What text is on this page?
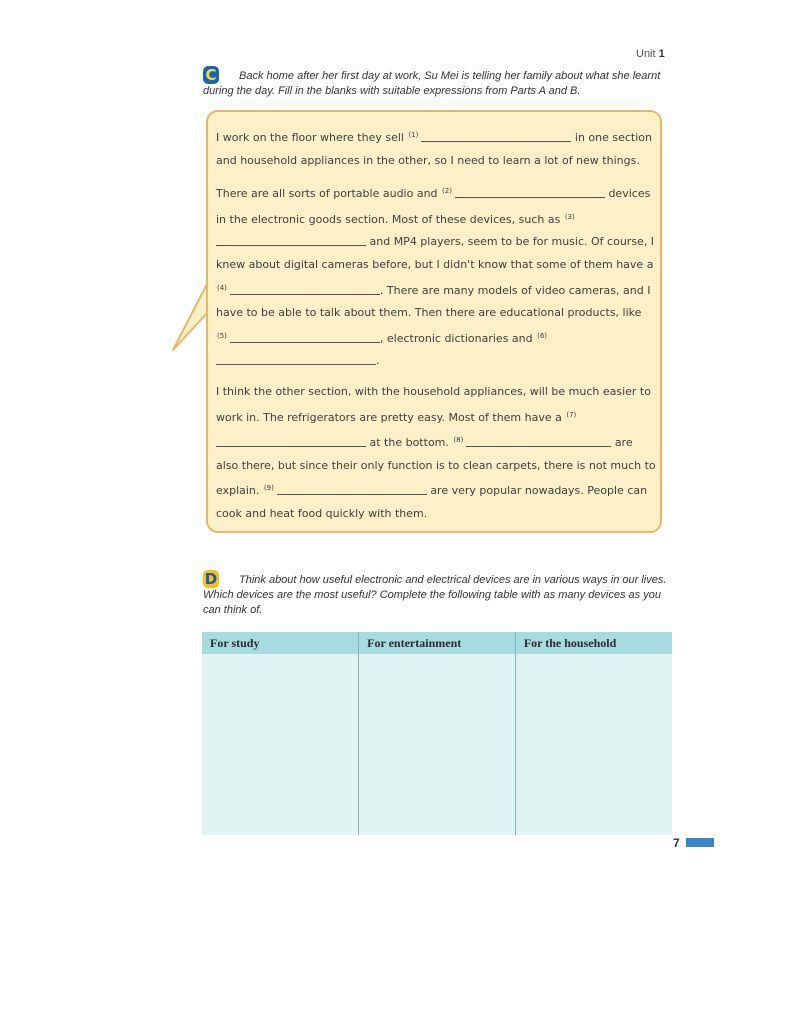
Unit 1
C	Back home after her first day at work, Su Mei is telling her family about what she learnt during the day. Fill in the blanks with suitable expressions from Parts A and B.

I work on the floor where they sell $^{(1)}$	in one section and household appliances in the other, so I need to learn a lot of new things.

There are all sorts of portable audio and $^{(2)}$	devices in the electronic goods section. Most of these devices, such as $^{(3)}$ and MP4 players, seem to be for music. Of course, I knew about digital cameras before, but I didn't know that some of them have a $^{(4)}$	. There are many models of video cameras, and I have to be able to talk about them. Then there are educational products, like $^{(5)}$	, electronic dictionaries and $^{(6)}$.

I think the other section, with the household appliances, will be much easier to work in. The refrigerators are pretty easy. Most of them have a $^{(7)}$ at the bottom. $^{(8)}$	are also there, but since their only function is to clean carpets, there is not much to explain. $^{(9)}$	are very popular nowadays. People can cook and heat food quickly with them.

D	Think about how useful electronic and electrical devices are in various ways in our lives. Which devices are the most useful? Complete the following table with as many devices as you can think of.
For study	For entertainment	For the household

7
